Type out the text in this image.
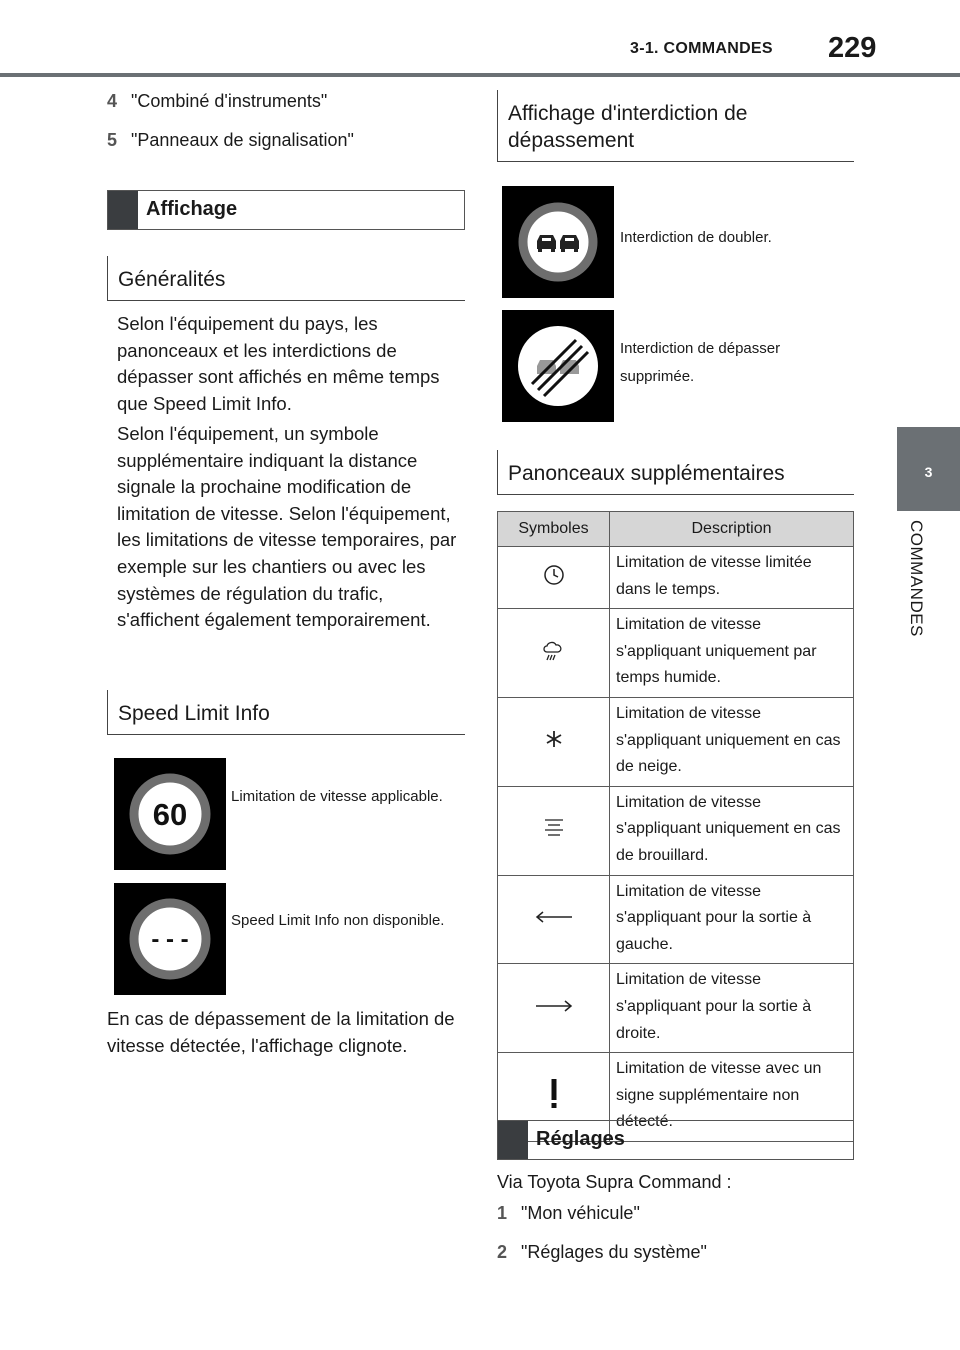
3-1. COMMANDES 229
3
COMMANDES
4 "Combiné d'instruments"
5 "Panneaux de signalisation"
Affichage
Généralités
Selon l'équipement du pays, les panonceaux et les interdictions de dépasser sont affichés en même temps que Speed Limit Info.
Selon l'équipement, un symbole supplémentaire indiquant la distance signale la prochaine modification de limitation de vitesse. Selon l'équipement, les limitations de vitesse temporaires, par exemple sur les chantiers ou avec les systèmes de régulation du trafic, s'affichent également temporairement.
Speed Limit Info
60
Limitation de vitesse applicable.
- - -
Speed Limit Info non disponible.
En cas de dépassement de la limitation de vitesse détectée, l'affichage clignote.
Affichage d'interdiction de dépassement
Interdiction de doubler.
Interdiction de dépasser supprimée.
Panonceaux supplémentaires
Symboles	Description
	Limitation de vitesse limitée dans le temps.
	Limitation de vitesse s'appliquant uniquement par temps humide.
	Limitation de vitesse s'appliquant uniquement en cas de neige.
	Limitation de vitesse s'appliquant uniquement en cas de brouillard.
	Limitation de vitesse s'appliquant pour la sortie à gauche.
	Limitation de vitesse s'appliquant pour la sortie à droite.
	Limitation de vitesse avec un signe supplémentaire non détecté.
Réglages
Via Toyota Supra Command :
1 "Mon véhicule"
2 "Réglages du système"
